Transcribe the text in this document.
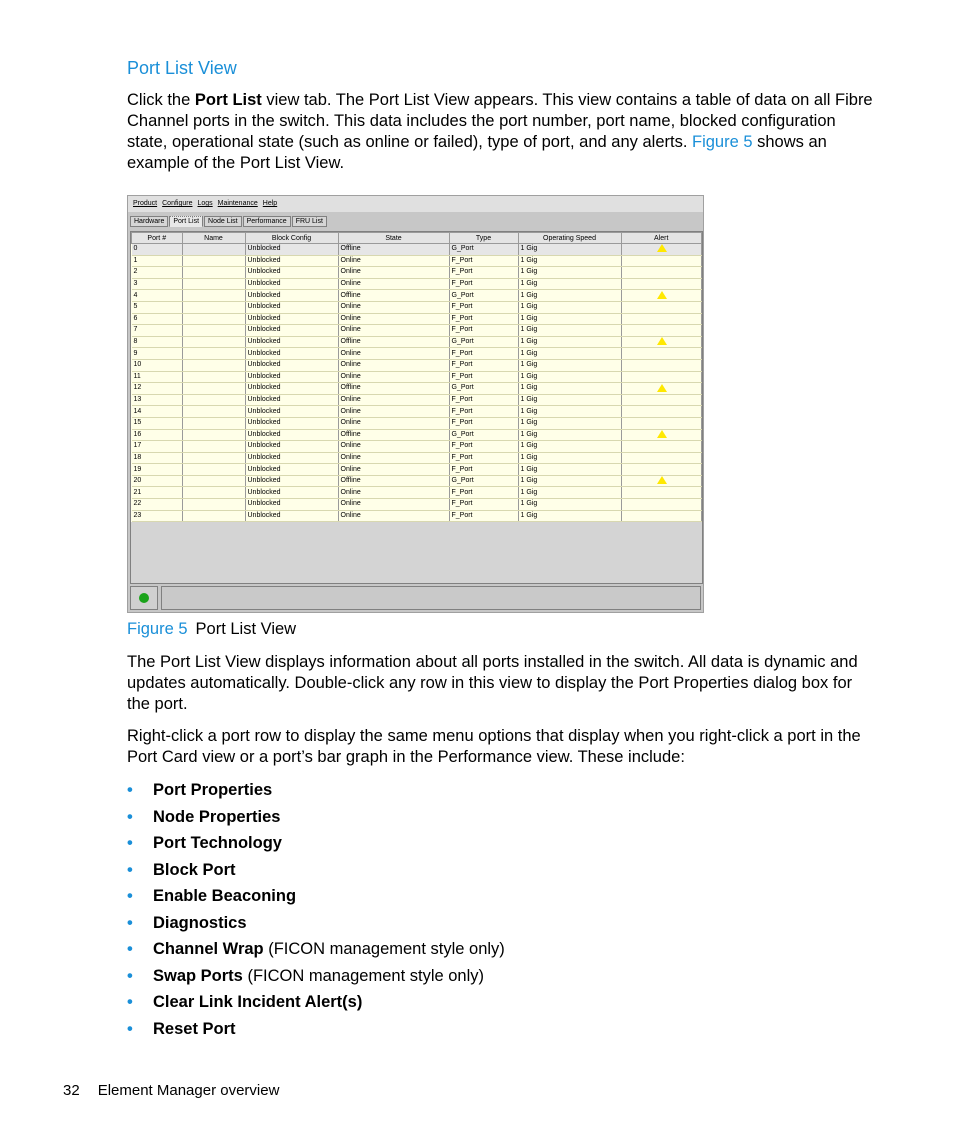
Port List View
Click the Port List view tab. The Port List View appears. This view contains a table of data on all Fibre Channel ports in the switch. This data includes the port number, port name, blocked configuration state, operational state (such as online or failed), type of port, and any alerts. Figure 5 shows an example of the Port List View.
Product Configure Logs Maintenance Help
Hardware Port List Node List Performance FRU List
Port #	Name	Block Config	State	Type	Operating Speed	Alert
0		Unblocked	Offline	G_Port	1 Gig	
1		Unblocked	Online	F_Port	1 Gig	
2		Unblocked	Online	F_Port	1 Gig	
3		Unblocked	Online	F_Port	1 Gig	
4		Unblocked	Offline	G_Port	1 Gig	
5		Unblocked	Online	F_Port	1 Gig	
6		Unblocked	Online	F_Port	1 Gig	
7		Unblocked	Online	F_Port	1 Gig	
8		Unblocked	Offline	G_Port	1 Gig	
9		Unblocked	Online	F_Port	1 Gig	
10		Unblocked	Online	F_Port	1 Gig	
11		Unblocked	Online	F_Port	1 Gig	
12		Unblocked	Offline	G_Port	1 Gig	
13		Unblocked	Online	F_Port	1 Gig	
14		Unblocked	Online	F_Port	1 Gig	
15		Unblocked	Online	F_Port	1 Gig	
16		Unblocked	Offline	G_Port	1 Gig	
17		Unblocked	Online	F_Port	1 Gig	
18		Unblocked	Online	F_Port	1 Gig	
19		Unblocked	Online	F_Port	1 Gig	
20		Unblocked	Offline	G_Port	1 Gig	
21		Unblocked	Online	F_Port	1 Gig	
22		Unblocked	Online	F_Port	1 Gig	
23		Unblocked	Online	F_Port	1 Gig	
Figure 5 Port List View
The Port List View displays information about all ports installed in the switch. All data is dynamic and updates automatically. Double-click any row in this view to display the Port Properties dialog box for the port.
Right-click a port row to display the same menu options that display when you right-click a port in the Port Card view or a port’s bar graph in the Performance view. These include:
• Port Properties
• Node Properties
• Port Technology
• Block Port
• Enable Beaconing
• Diagnostics
• Channel Wrap (FICON management style only)
• Swap Ports (FICON management style only)
• Clear Link Incident Alert(s)
• Reset Port
32 Element Manager overview
